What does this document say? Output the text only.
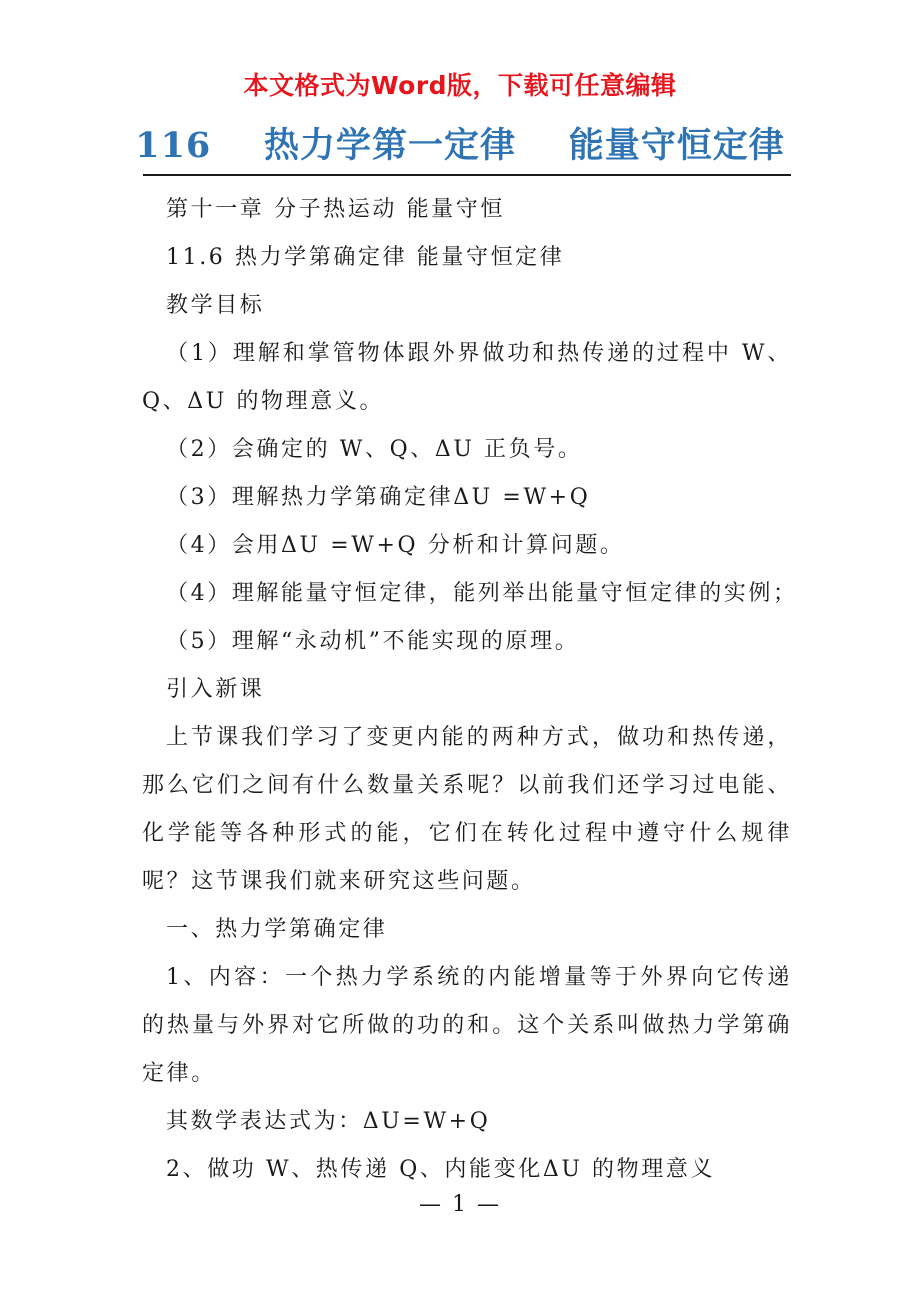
本文格式为Word版，下载可任意编辑
116    热力学第一定律    能量守恒定律

第十一章 分子热运动 能量守恒

11.6 热力学第确定律 能量守恒定律

教学目标

（1）理解和掌管物体跟外界做功和热传递的过程中 W、Q、ΔU 的物理意义。

（2）会确定的 W、Q、ΔU 正负号。

（3）理解热力学第确定律ΔU =W+Q

（4）会用ΔU =W+Q 分析和计算问题。

（4）理解能量守恒定律，能列举出能量守恒定律的实例；

（5）理解“永动机”不能实现的原理。

引入新课

上节课我们学习了变更内能的两种方式，做功和热传递，那么它们之间有什么数量关系呢？以前我们还学习过电能、化学能等各种形式的能，它们在转化过程中遵守什么规律呢？这节课我们就来研究这些问题。

一、热力学第确定律

1、内容：一个热力学系统的内能增量等于外界向它传递的热量与外界对它所做的功的和。这个关系叫做热力学第确定律。

其数学表达式为：ΔU=W+Q

2、做功 W、热传递 Q、内能变化ΔU 的物理意义

— 1 —
